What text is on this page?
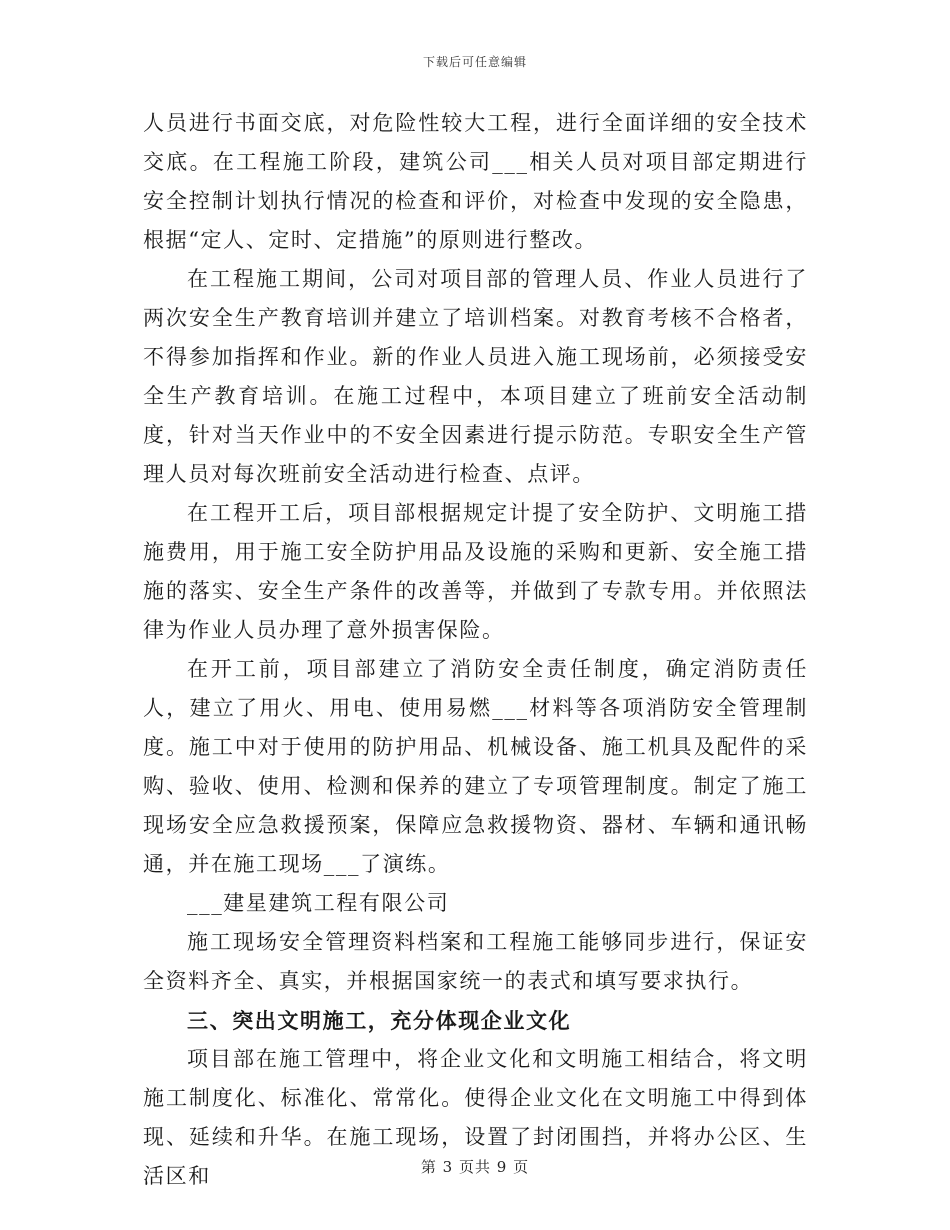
下载后可任意编辑

人员进行书面交底，对危险性较大工程，进行全面详细的安全技术交底。在工程施工阶段，建筑公司___相关人员对项目部定期进行安全控制计划执行情况的检查和评价，对检查中发现的安全隐患，根据“定人、定时、定措施”的原则进行整改。

在工程施工期间，公司对项目部的管理人员、作业人员进行了两次安全生产教育培训并建立了培训档案。对教育考核不合格者，不得参加指挥和作业。新的作业人员进入施工现场前，必须接受安全生产教育培训。在施工过程中，本项目建立了班前安全活动制度，针对当天作业中的不安全因素进行提示防范。专职安全生产管理人员对每次班前安全活动进行检查、点评。

在工程开工后，项目部根据规定计提了安全防护、文明施工措施费用，用于施工安全防护用品及设施的采购和更新、安全施工措施的落实、安全生产条件的改善等，并做到了专款专用。并依照法律为作业人员办理了意外损害保险。

在开工前，项目部建立了消防安全责任制度，确定消防责任人，建立了用火、用电、使用易燃___材料等各项消防安全管理制度。施工中对于使用的防护用品、机械设备、施工机具及配件的采购、验收、使用、检测和保养的建立了专项管理制度。制定了施工现场安全应急救援预案，保障应急救援物资、器材、车辆和通讯畅通，并在施工现场___了演练。

___建星建筑工程有限公司

施工现场安全管理资料档案和工程施工能够同步进行，保证安全资料齐全、真实，并根据国家统一的表式和填写要求执行。

三、突出文明施工，充分体现企业文化

项目部在施工管理中，将企业文化和文明施工相结合，将文明施工制度化、标准化、常常化。使得企业文化在文明施工中得到体现、延续和升华。在施工现场，设置了封闭围挡，并将办公区、生活区和	第 3 页共 9 页
